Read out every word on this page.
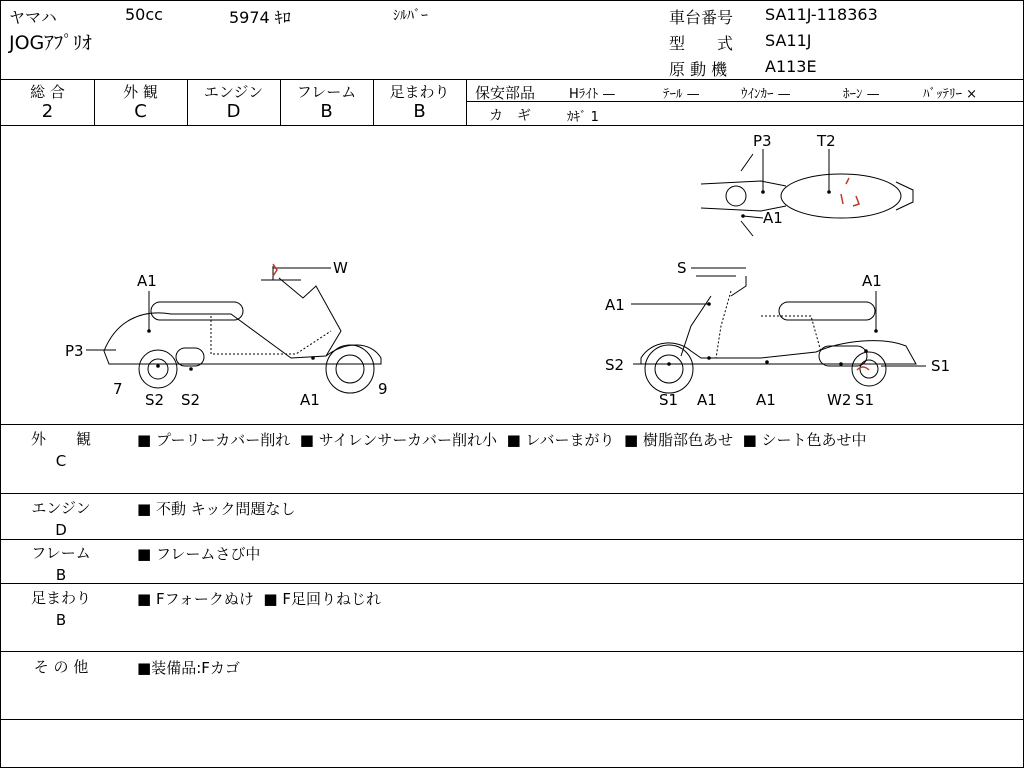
ヤマハ	50cc	5974 ｷﾛ	ｼﾙﾊﾞｰ
JOGｱﾌﾟﾘｵ
車台番号 SA11J-118363
型　　式 SA11J
原 動 機 A113E
総 合	外 観	エンジン	フレーム	足まわり
2	C	D	B	B
保安部品	Hﾗｲﾄ —	ﾃｰﾙ —	ｳｲﾝｶｰ —	ﾎｰﾝ —	ﾊﾞｯﾃﾘｰ ×
カ　ギ	ｶｷﾞ 1
A1
W
P3
7
S2 S2	A1
9
S
A1
A1
S2
S1 A1	A1	W2 S1
S1
P3	T2
A1
外　　観
C
■ プーリーカバー削れ ■ サイレンサーカバー削れ小 ■ レバーまがり ■ 樹脂部色あせ ■ シート色あせ中
エンジン
D
■ 不動 キック問題なし
フレーム
B
■ フレームさび中
足まわり
B
■ Fフォークぬけ ■ F足回りねじれ
そ の 他	■装備品:Fカゴ
